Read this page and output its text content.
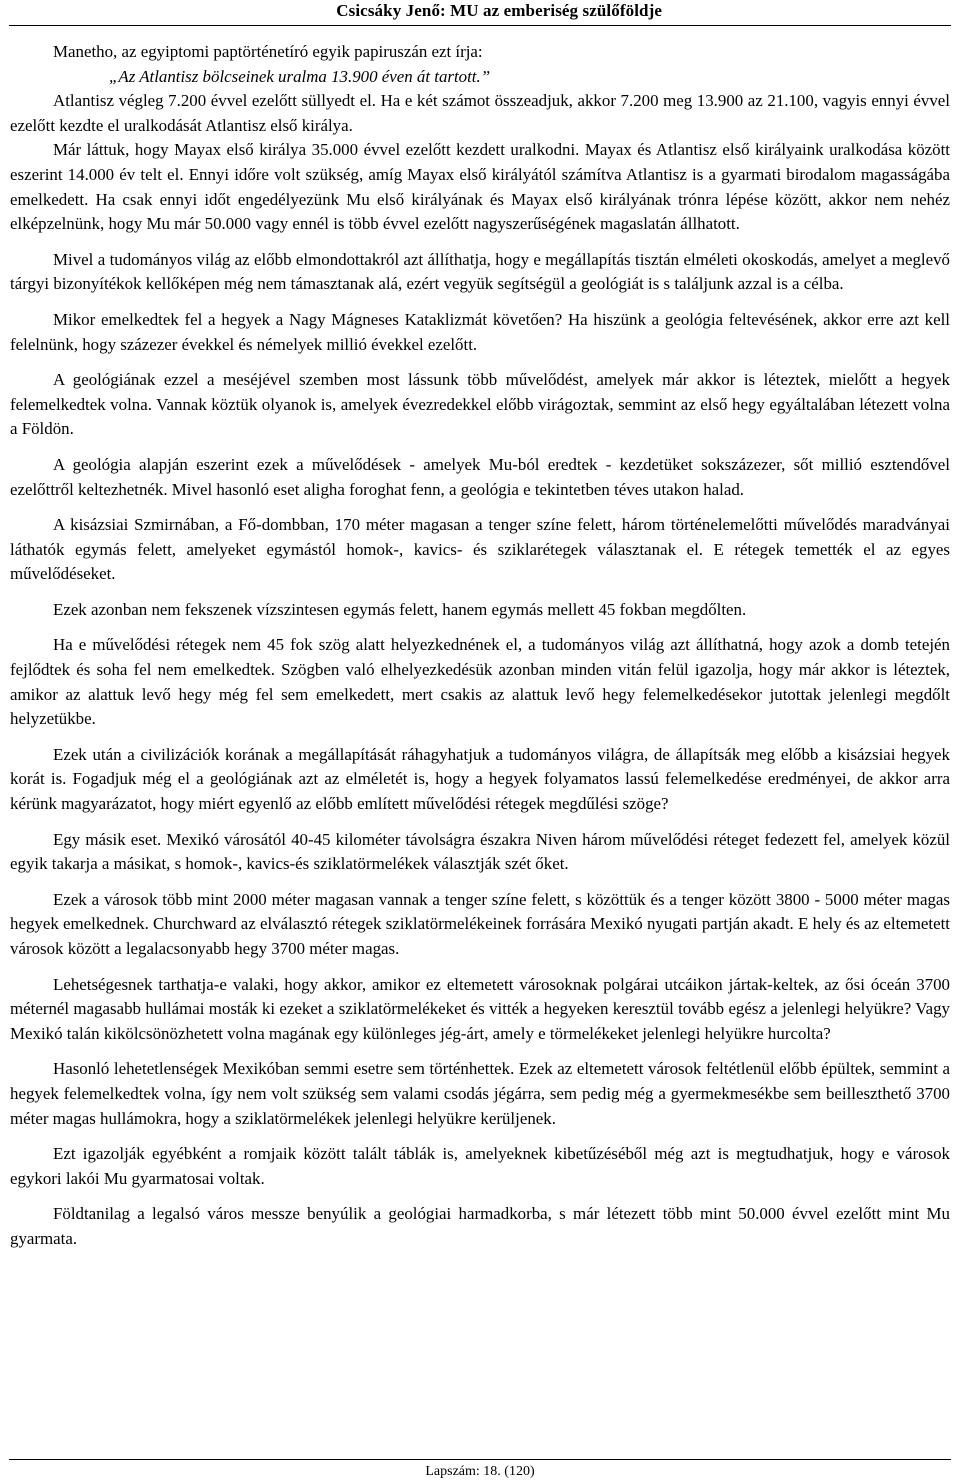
Csicsáky Jenő: MU az emberiség szülőföldje

Manetho, az egyiptomi paptörténetíró egyik papiruszán ezt írja:

„Az Atlantisz bölcseinek uralma 13.900 éven át tartott.”

Atlantisz végleg 7.200 évvel ezelőtt süllyedt el. Ha e két számot összeadjuk, akkor 7.200 meg 13.900 az 21.100, vagyis ennyi évvel ezelőtt kezdte el uralkodását Atlantisz első királya.

Már láttuk, hogy Mayax első királya 35.000 évvel ezelőtt kezdett uralkodni. Mayax és Atlantisz első királyaink uralkodása között eszerint 14.000 év telt el. Ennyi időre volt szükség, amíg Mayax első királyától számítva Atlantisz is a gyarmati birodalom magasságába emelkedett. Ha csak ennyi időt engedélyezünk Mu első királyának és Mayax első királyának trónra lépése között, akkor nem nehéz elképzelnünk, hogy Mu már 50.000 vagy ennél is több évvel ezelőtt nagyszerűségének magaslatán állhatott.

Mivel a tudományos világ az előbb elmondottakról azt állíthatja, hogy e megállapítás tisztán elméleti okoskodás, amelyet a meglevő tárgyi bizonyítékok kellőképen még nem támasztanak alá, ezért vegyük segítségül a geológiát is s találjunk azzal is a célba.

Mikor emelkedtek fel a hegyek a Nagy Mágneses Kataklizmát követően? Ha hiszünk a geológia feltevésének, akkor erre azt kell felelnünk, hogy százezer évekkel és némelyek millió évekkel ezelőtt.

A geológiának ezzel a meséjével szemben most lássunk több művelődést, amelyek már akkor is léteztek, mielőtt a hegyek felemelkedtek volna. Vannak köztük olyanok is, amelyek évezredekkel előbb virágoztak, semmint az első hegy egyáltalában létezett volna a Földön.

A geológia alapján eszerint ezek a művelődések - amelyek Mu-ból eredtek - kezdetüket sokszázezer, sőt millió esztendővel ezelőttről keltezhetnék. Mivel hasonló eset aligha foroghat fenn, a geológia e tekintetben téves utakon halad.

A kisázsiai Szmirnában, a Fő-dombban, 170 méter magasan a tenger színe felett, három történelemelőtti művelődés maradványai láthatók egymás felett, amelyeket egymástól homok-, kavics- és sziklarétegek választanak el. E rétegek temették el az egyes művelődéseket.

Ezek azonban nem fekszenek vízszintesen egymás felett, hanem egymás mellett 45 fokban megdőlten.

Ha e művelődési rétegek nem 45 fok szög alatt helyezkednének el, a tudományos világ azt állíthatná, hogy azok a domb tetején fejlődtek és soha fel nem emelkedtek. Szögben való elhelyezkedésük azonban minden vitán felül igazolja, hogy már akkor is léteztek, amikor az alattuk levő hegy még fel sem emelkedett, mert csakis az alattuk levő hegy felemelkedésekor jutottak jelenlegi megdőlt helyzetükbe.

Ezek után a civilizációk korának a megállapítását ráhagyhatjuk a tudományos világra, de állapítsák meg előbb a kisázsiai hegyek korát is. Fogadjuk még el a geológiának azt az elméletét is, hogy a hegyek folyamatos lassú felemelkedése eredményei, de akkor arra kérünk magyarázatot, hogy miért egyenlő az előbb említett művelődési rétegek megdűlési szöge?

Egy másik eset. Mexikó városától 40-45 kilométer távolságra északra Niven három művelődési réteget fedezett fel, amelyek közül egyik takarja a másikat, s homok-, kavics-és sziklatörmelékek választják szét őket.

Ezek a városok több mint 2000 méter magasan vannak a tenger színe felett, s közöttük és a tenger között 3800 - 5000 méter magas hegyek emelkednek. Churchward az elválasztó rétegek sziklatörmelékeinek forrására Mexikó nyugati partján akadt. E hely és az eltemetett városok között a legalacsonyabb hegy 3700 méter magas.

Lehetségesnek tarthatja-e valaki, hogy akkor, amikor ez eltemetett városoknak polgárai utcáikon jártak-keltek, az ősi óceán 3700 méternél magasabb hullámai mosták ki ezeket a sziklatörmelékeket és vitték a hegyeken keresztül tovább egész a jelenlegi helyükre? Vagy Mexikó talán kikölcsönözhetett volna magának egy különleges jég-árt, amely e törmelékeket jelenlegi helyükre hurcolta?

Hasonló lehetetlenségek Mexikóban semmi esetre sem történhettek. Ezek az eltemetett városok feltétlenül előbb épültek, semmint a hegyek felemelkedtek volna, így nem volt szükség sem valami csodás jégárra, sem pedig még a gyermekmesékbe sem beilleszthető 3700 méter magas hullámokra, hogy a sziklatörmelékek jelenlegi helyükre kerüljenek.

Ezt igazolják egyébként a romjaik között talált táblák is, amelyeknek kibetűzéséből még azt is megtudhatjuk, hogy e városok egykori lakói Mu gyarmatosai voltak.

Földtanilag a legalsó város messze benyúlik a geológiai harmadkorba, s már létezett több mint 50.000 évvel ezelőtt mint Mu gyarmata.

Lapszám: 18. (120)
